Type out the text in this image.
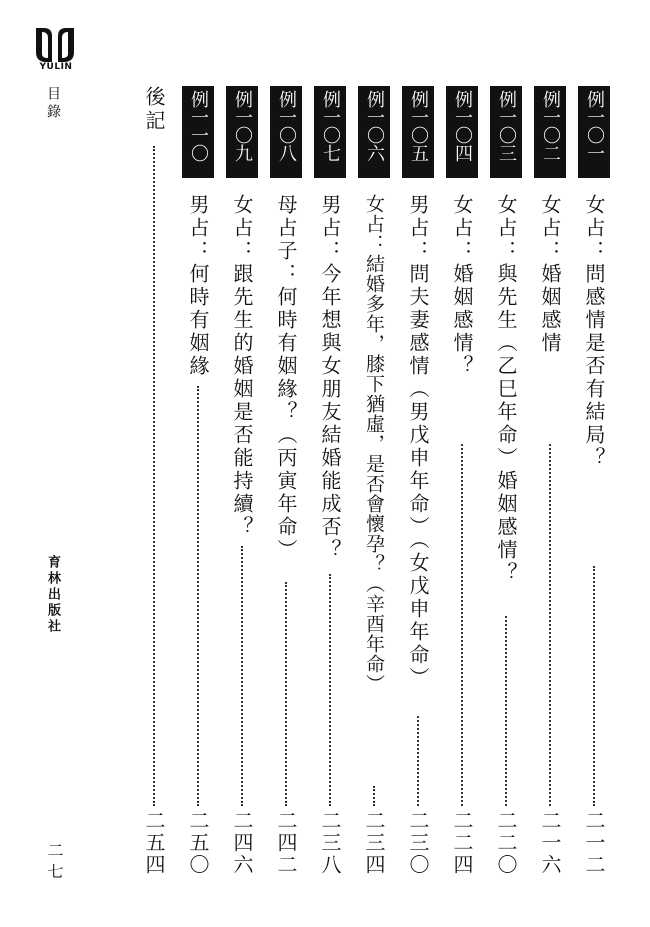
YULIN
目錄
育林出版社
二七
例一〇一
女占：問感情是否有結局？
二一二
例一〇二
女占：婚姻感情
二一六
例一〇三
女占：與先生（乙巳年命）婚姻感情？
二二〇
例一〇四
女占：婚姻感情？
二二四
例一〇五
男占：問夫妻感情（男戊申年命）（女戊申年命）
二三〇
例一〇六
女占：結婚多年，膝下猶虛，是否會懷孕？（辛酉年命）
二三四
例一〇七
男占：今年想與女朋友結婚能成否？
二三八
例一〇八
母占子：何時有姻緣？（丙寅年命）
二四二
例一〇九
女占：跟先生的婚姻是否能持續？
二四六
例一一〇
男占：何時有姻緣
二五〇
後記
二五四
